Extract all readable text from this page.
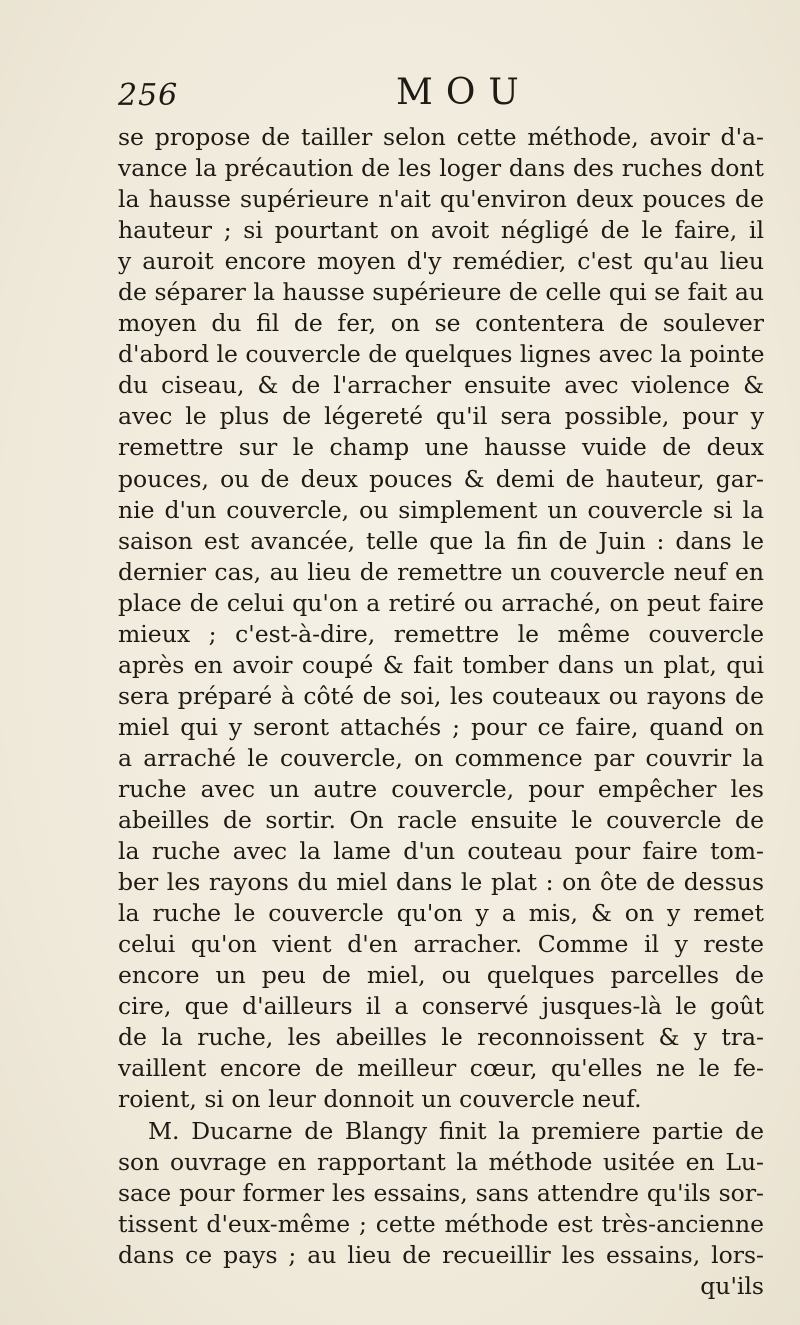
256	MOU
se propose de tailler selon cette méthode, avoir d'a-
vance la précaution de les loger dans des ruches dont
la hausse supérieure n'ait qu'environ deux pouces de
hauteur ; si pourtant on avoit négligé de le faire, il
y auroit encore moyen d'y remédier, c'est qu'au lieu
de séparer la hausse supérieure de celle qui se fait au
moyen du fil de fer, on se contentera de soulever
d'abord le couvercle de quelques lignes avec la pointe
du ciseau, & de l'arracher ensuite avec violence &
avec le plus de légereté qu'il sera possible, pour y
remettre sur le champ une hausse vuide de deux
pouces, ou de deux pouces & demi de hauteur, gar-
nie d'un couvercle, ou simplement un couvercle si la
saison est avancée, telle que la fin de Juin : dans le
dernier cas, au lieu de remettre un couvercle neuf en
place de celui qu'on a retiré ou arraché, on peut faire
mieux ; c'est-à-dire, remettre le même couvercle
après en avoir coupé & fait tomber dans un plat, qui
sera préparé à côté de soi, les couteaux ou rayons de
miel qui y seront attachés ; pour ce faire, quand on
a arraché le couvercle, on commence par couvrir la
ruche avec un autre couvercle, pour empêcher les
abeilles de sortir. On racle ensuite le couvercle de
la ruche avec la lame d'un couteau pour faire tom-
ber les rayons du miel dans le plat : on ôte de dessus
la ruche le couvercle qu'on y a mis, & on y remet
celui qu'on vient d'en arracher. Comme il y reste
encore un peu de miel, ou quelques parcelles de
cire, que d'ailleurs il a conservé jusques-là le goût
de la ruche, les abeilles le reconnoissent & y tra-
vaillent encore de meilleur cœur, qu'elles ne le fe-
roient, si on leur donnoit un couvercle neuf.
M. Ducarne de Blangy finit la premiere partie de
son ouvrage en rapportant la méthode usitée en Lu-
sace pour former les essains, sans attendre qu'ils sor-
tissent d'eux-même ; cette méthode est très-ancienne
dans ce pays ; au lieu de recueillir les essains, lors-
qu'ils
